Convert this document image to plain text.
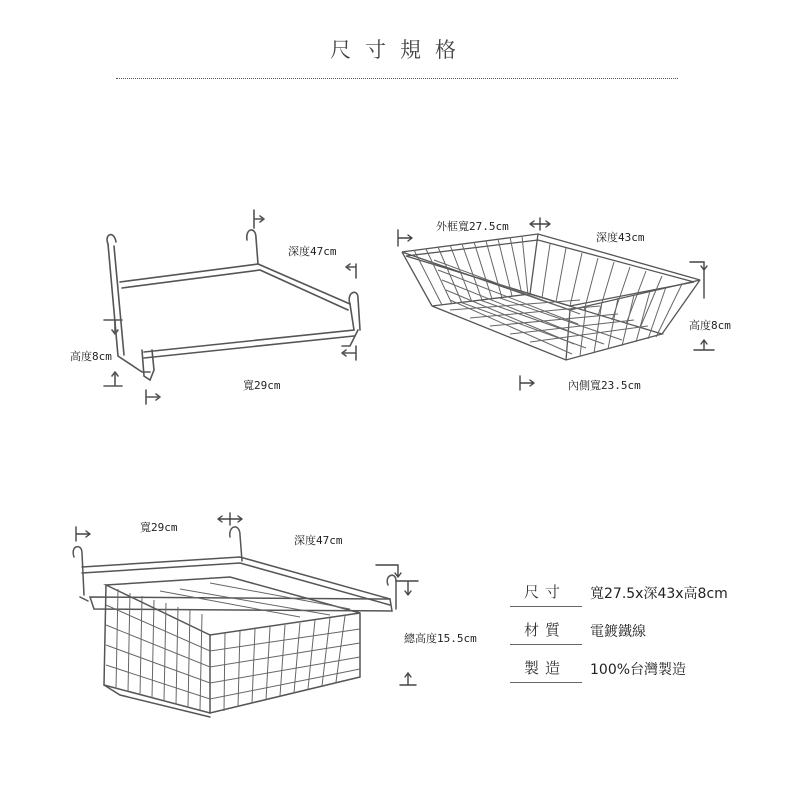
尺寸規格
深度47cm
高度8cm
寬29cm
外框寬27.5cm
深度43cm
高度8cm
內側寬23.5cm
寬29cm
深度47cm
總高度15.5cm
尺寸	寬27.5x深43x高8cm
材質	電鍍鐵線
製造	100%台灣製造
